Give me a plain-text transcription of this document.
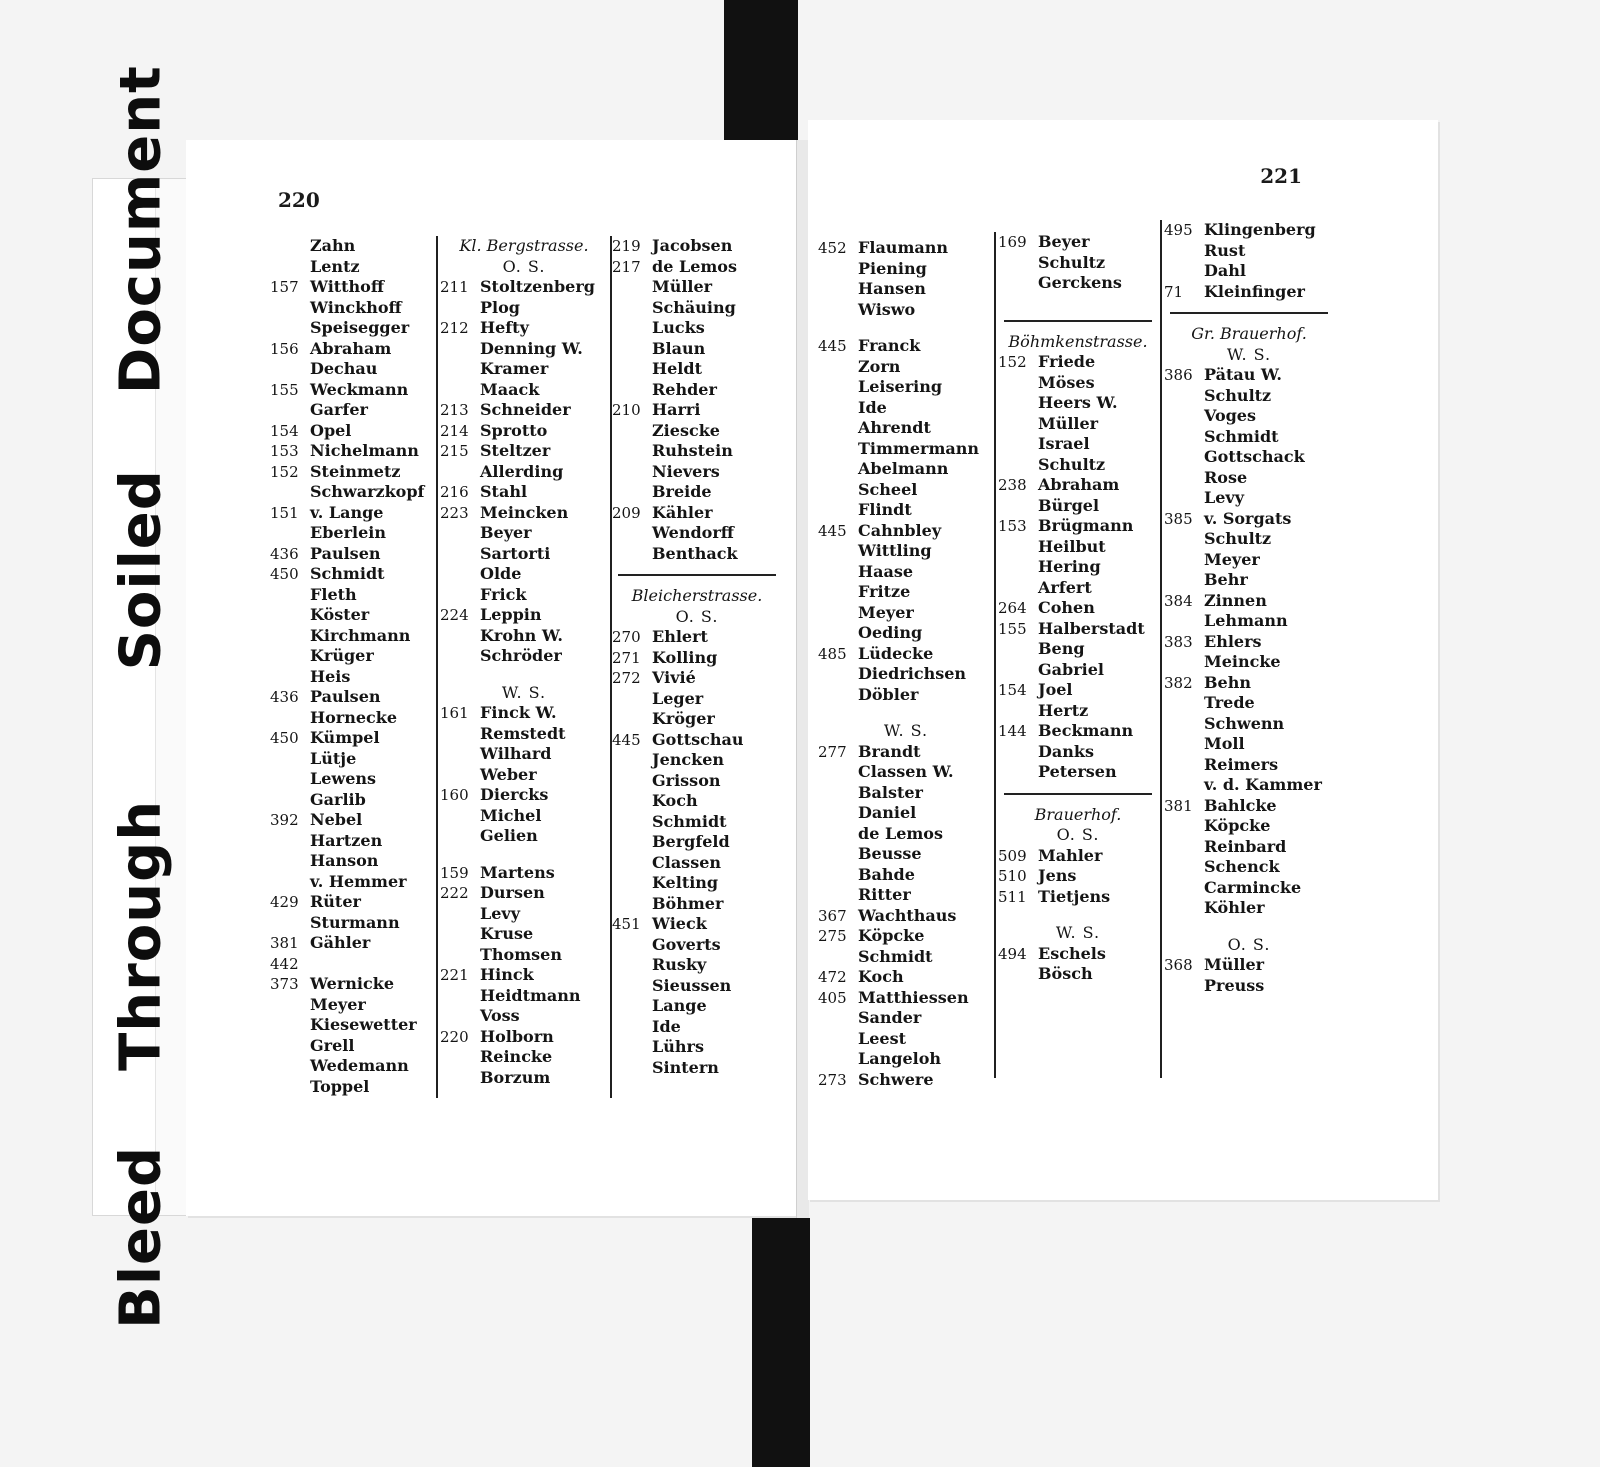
Bleed  Through   Soiled  Document	220
Zahn
Lentz
157 Witthoff
Winckhoff
Speisegger
156 Abraham
Dechau
155 Weckmann
Garfer
154 Opel
153 Nichelmann
152 Steinmetz
Schwarzkopf
151 v. Lange
Eberlein
436 Paulsen
450 Schmidt
Fleth
Köster
Kirchmann
Krüger
Heis
436 Paulsen
Hornecke
450 Kümpel
Lütje
Lewens
Garlib
392 Nebel
Hartzen
Hanson
v. Hemmer
429 Rüter
Sturmann
381 Gähler
442
373 Wernicke
Meyer
Kiesewetter
Grell
Wedemann
Toppel
Kl. Bergstrasse.
O. S.
211 Stoltzenberg
Plog
212 Hefty
Denning W.
Kramer
Maack
213 Schneider
214 Sprotto
215 Steltzer
Allerding
216 Stahl
223 Meincken
Beyer
Sartorti
Olde
Frick
224 Leppin
Krohn W.
Schröder
W. S.
161 Finck W.
Remstedt
Wilhard
Weber
160 Diercks
Michel
Gelien
159 Martens
222 Dursen
Levy
Kruse
Thomsen
221 Hinck
Heidtmann
Voss
220 Holborn
Reincke
Borzum
219 Jacobsen
217 de Lemos
Müller
Schäuing
Lucks
Blaun
Heldt
Rehder
210 Harri
Ziescke
Ruhstein
Nievers
Breide
209 Kähler
Wendorff
Benthack
Bleicherstrasse.
O. S.
270 Ehlert
271 Kolling
272 Vivié
Leger
Kröger
445 Gottschau
Jencken
Grisson
Koch
Schmidt
Bergfeld
Classen
Kelting
Böhmer
451 Wieck
Goverts
Rusky
Sieussen
Lange
Ide
Lührs
Sintern
221
452 Flaumann
Piening
Hansen
Wiswo
445 Franck
Zorn
Leisering
Ide
Ahrendt
Timmermann
Abelmann
Scheel
Flindt
445 Cahnbley
Wittling
Haase
Fritze
Meyer
Oeding
485 Lüdecke
Diedrichsen
Döbler
W. S.
277 Brandt
Classen W.
Balster
Daniel
de Lemos
Beusse
Bahde
Ritter
367 Wachthaus
275 Köpcke
Schmidt
472 Koch
405 Matthiessen
Sander
Leest
Langeloh
273 Schwere
169 Beyer
Schultz
Gerckens
Böhmkenstrasse.
152 Friede
Möses
Heers W.
Müller
Israel
Schultz
238 Abraham
Bürgel
153 Brügmann
Heilbut
Hering
Arfert
264 Cohen
155 Halberstadt
Beng
Gabriel
154 Joel
Hertz
144 Beckmann
Danks
Petersen
Brauerhof.
O. S.
509 Mahler
510 Jens
511 Tietjens
W. S.
494 Eschels
Bösch
495 Klingenberg
Rust
Dahl
71	Kleinfinger
Gr. Brauerhof.
W. S.
386 Pätau W.
Schultz
Voges
Schmidt
Gottschack
Rose
Levy
385 v. Sorgats
Schultz
Meyer
Behr
384 Zinnen
Lehmann
383 Ehlers
Meincke
382 Behn
Trede
Schwenn
Moll
Reimers
v. d. Kammer
381 Bahlcke
Köpcke
Reinbard
Schenck
Carmincke
Köhler
O. S.
368 Müller
Preuss
